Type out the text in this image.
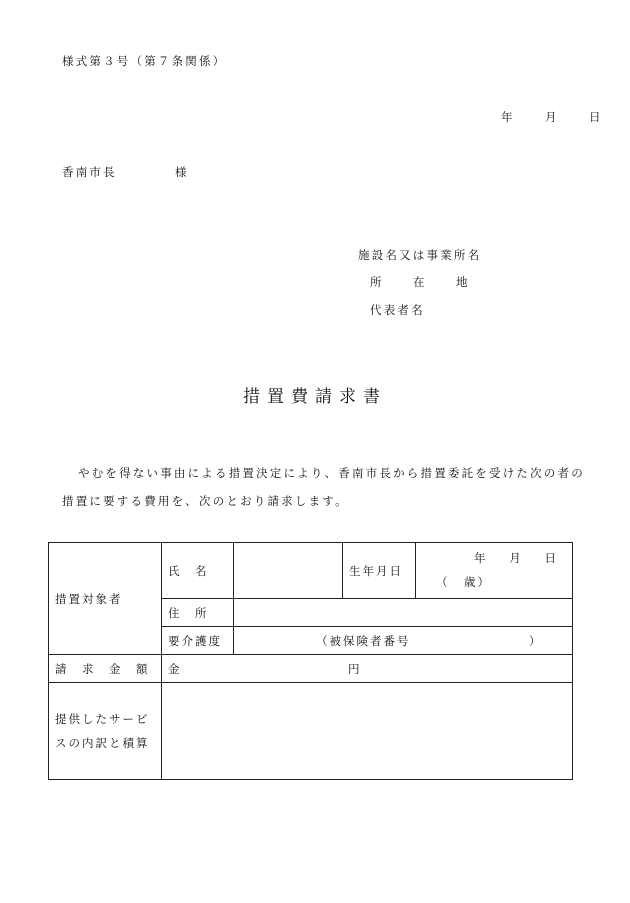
様式第３号（第７条関係）
年	月	日
香南市長	様
施設名又は事業所名
所　在　地
代表者名
措置費請求書
やむを得ない事由による措置決定により、香南市長から措置委託を受けた次の者の
措置に要する費用を、次のとおり請求します。
措置対象者	氏　名		生年月日	年 月 日
（ 歳）

	住　所			
	要介護度	（被保険者番号 ）		
請　求　金　額	金 円			

提供したサービ
スの内訳と積算				
